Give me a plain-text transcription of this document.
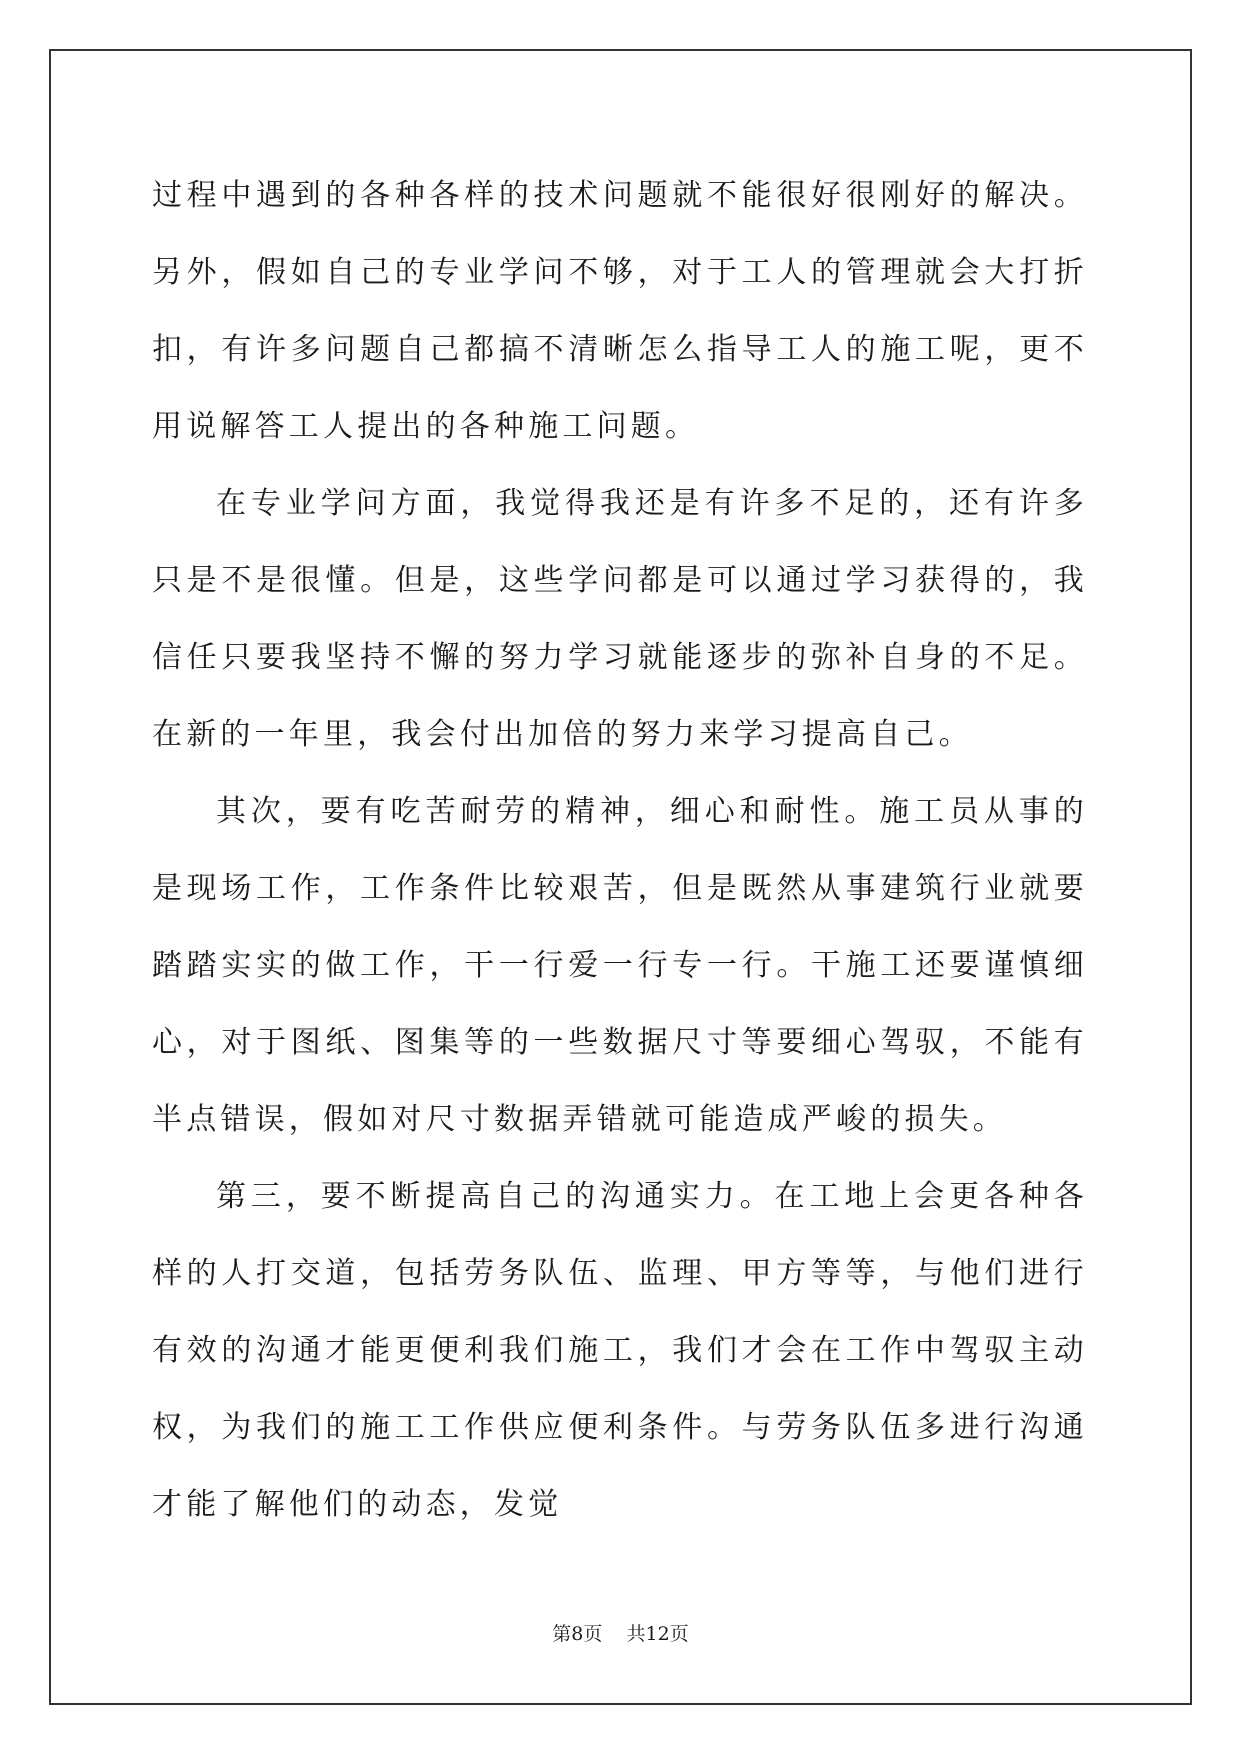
过程中遇到的各种各样的技术问题就不能很好很刚好的解决。另外，假如自己的专业学问不够，对于工人的管理就会大打折扣，有许多问题自己都搞不清晰怎么指导工人的施工呢，更不用说解答工人提出的各种施工问题。

在专业学问方面，我觉得我还是有许多不足的，还有许多只是不是很懂。但是，这些学问都是可以通过学习获得的，我信任只要我坚持不懈的努力学习就能逐步的弥补自身的不足。在新的一年里，我会付出加倍的努力来学习提高自己。

其次，要有吃苦耐劳的精神，细心和耐性。施工员从事的是现场工作，工作条件比较艰苦，但是既然从事建筑行业就要踏踏实实的做工作，干一行爱一行专一行。干施工还要谨慎细心，对于图纸、图集等的一些数据尺寸等要细心驾驭，不能有半点错误，假如对尺寸数据弄错就可能造成严峻的损失。

第三，要不断提高自己的沟通实力。在工地上会更各种各样的人打交道，包括劳务队伍、监理、甲方等等，与他们进行有效的沟通才能更便利我们施工，我们才会在工作中驾驭主动权，为我们的施工工作供应便利条件。与劳务队伍多进行沟通才能了解他们的动态，发觉

第8页    共12页
